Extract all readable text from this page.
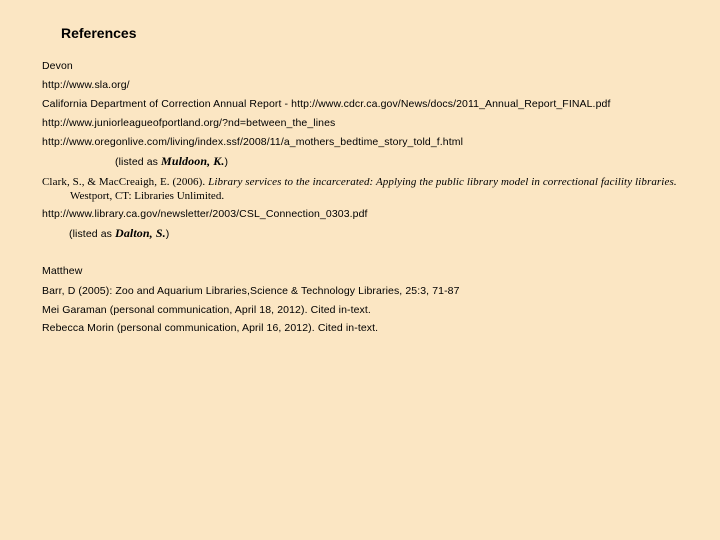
References
Devon
http://www.sla.org/
California Department of Correction Annual Report - http://www.cdcr.ca.gov/News/docs/2011_Annual_Report_FINAL.pdf
http://www.juniorleagueofportland.org/?nd=between_the_lines
http://www.oregonlive.com/living/index.ssf/2008/11/a_mothers_bedtime_story_told_f.html
(listed as Muldoon, K.)
Clark, S., & MacCreaigh, E. (2006). Library services to the incarcerated: Applying the public library model in correctional facility libraries.
Westport, CT: Libraries Unlimited.
http://www.library.ca.gov/newsletter/2003/CSL_Connection_0303.pdf
(listed as Dalton, S.)
Matthew
Barr, D (2005): Zoo and Aquarium Libraries,Science & Technology Libraries, 25:3, 71-87
Mei Garaman (personal communication, April 18, 2012). Cited in-text.
Rebecca Morin (personal communication, April 16, 2012). Cited in-text.
